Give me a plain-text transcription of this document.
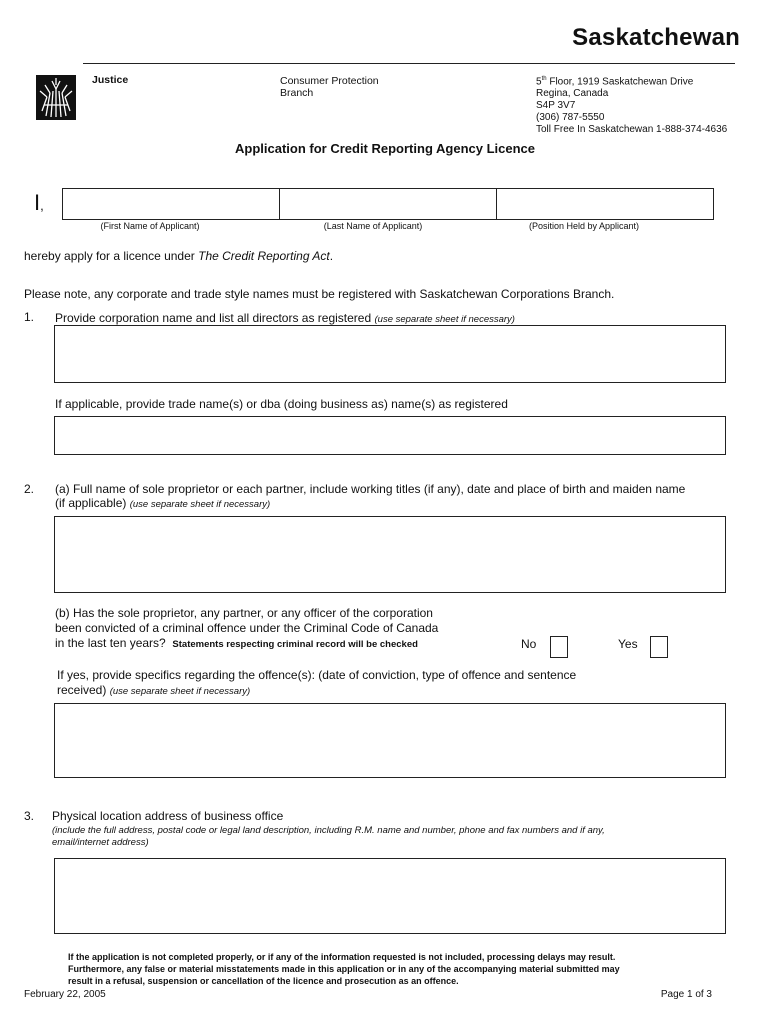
Saskatchewan
Justice	Consumer Protection
Branch
5th Floor, 1919 Saskatchewan Drive
Regina, Canada
S4P 3V7
(306) 787-5550
Toll Free In Saskatchewan 1-888-374-4636
Application for Credit Reporting Agency Licence
I,
(First Name of Applicant)	(Last Name of Applicant)	(Position Held by Applicant)
hereby apply for a licence under The Credit Reporting Act.
Please note, any corporate and trade style names must be registered with Saskatchewan Corporations Branch.
1. Provide corporation name and list all directors as registered (use separate sheet if necessary)
If applicable, provide trade name(s) or dba (doing business as) name(s) as registered
2. (a) Full name of sole proprietor or each partner, include working titles (if any), date and place of birth and maiden name
(if applicable) (use separate sheet if necessary)
(b) Has the sole proprietor, any partner, or any officer of the corporation
been convicted of a criminal offence under the Criminal Code of Canada
in the last ten years? Statements respecting criminal record will be checked	No	Yes
If yes, provide specifics regarding the offence(s): (date of conviction, type of offence and sentence
received) (use separate sheet if necessary)
3. Physical location address of business office
(include the full address, postal code or legal land description, including R.M. name and number, phone and fax numbers and if any,
email/internet address)
If the application is not completed properly, or if any of the information requested is not included, processing delays may result.
Furthermore, any false or material misstatements made in this application or in any of the accompanying material submitted may
result in a refusal, suspension or cancellation of the licence and prosecution as an offence.
February 22, 2005	Page 1 of 3
